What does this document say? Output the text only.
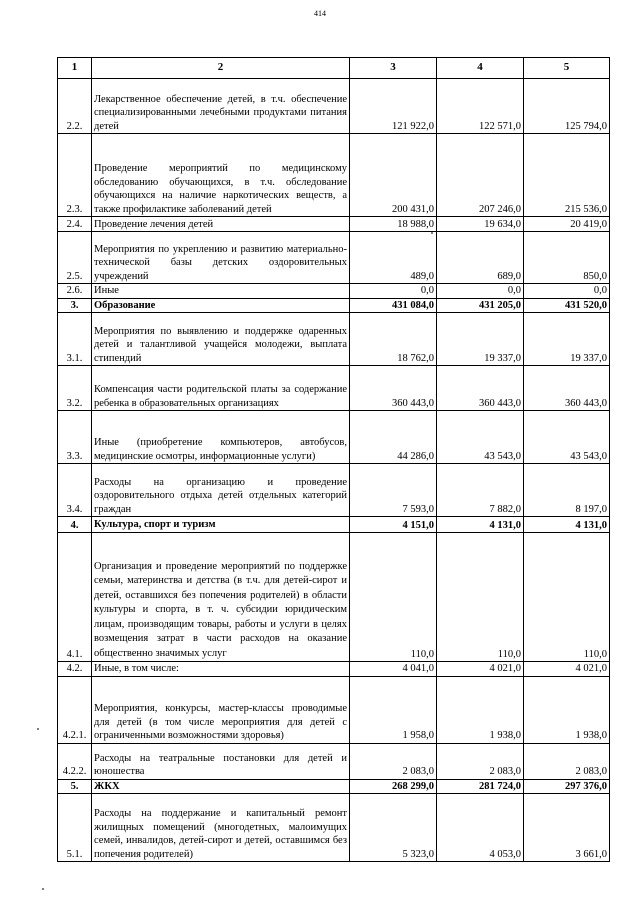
414
1	2	3	4	5
2.2.	Лекарственное обеспечение детей, в т.ч. обеспечение специализированными лечебными продуктами питания детей	121 922,0	122 571,0	125 794,0
2.3.	Проведение мероприятий по медицинскому обследованию обучающихся, в т.ч. обследование обучающихся на наличие наркотических веществ, а также профилактике заболеваний детей	200 431,0	207 246,0	215 536,0
2.4.	Проведение лечения детей	18 988,0	19 634,0	20 419,0
2.5.	Мероприятия по укреплению и развитию материально-технической базы детских оздоровительных учреждений	489,0	689,0	850,0
2.6.	Иные	0,0	0,0	0,0
3.	Образование	431 084,0	431 205,0	431 520,0
3.1.	Мероприятия по выявлению и поддержке одаренных детей и талантливой учащейся молодежи, выплата стипендий	18 762,0	19 337,0	19 337,0
3.2.	Компенсация части родительской платы за содержание ребенка в образовательных организациях	360 443,0	360 443,0	360 443,0
3.3.	Иные (приобретение компьютеров, автобусов, медицинские осмотры, информационные услуги)	44 286,0	43 543,0	43 543,0
3.4.	Расходы на организацию и проведение оздоровительного отдыха детей отдельных категорий граждан	7 593,0	7 882,0	8 197,0
4.	Культура, спорт и туризм	4 151,0	4 131,0	4 131,0
4.1.	Организация и проведение мероприятий по поддержке семьи, материнства и детства (в т.ч. для детей-сирот и детей, оставшихся без попечения родителей) в области культуры и спорта, в т. ч. субсидии юридическим лицам, производящим товары, работы и услуги в целях возмещения затрат в части расходов на оказание общественно значимых услуг	110,0	110,0	110,0
4.2.	Иные, в том числе:	4 041,0	4 021,0	4 021,0
4.2.1.	Мероприятия, конкурсы, мастер-классы проводимые для детей (в том числе мероприятия для детей с ограниченными возможностями здоровья)	1 958,0	1 938,0	1 938,0
4.2.2.	Расходы на театральные постановки для детей и юношества	2 083,0	2 083,0	2 083,0
5.	ЖКХ	268 299,0	281 724,0	297 376,0
5.1.	Расходы на поддержание и капитальный ремонт жилищных помещений (многодетных, малоимущих семей, инвалидов, детей-сирот и детей, оставшимся без попечения родителей)	5 323,0	4 053,0	3 661,0
